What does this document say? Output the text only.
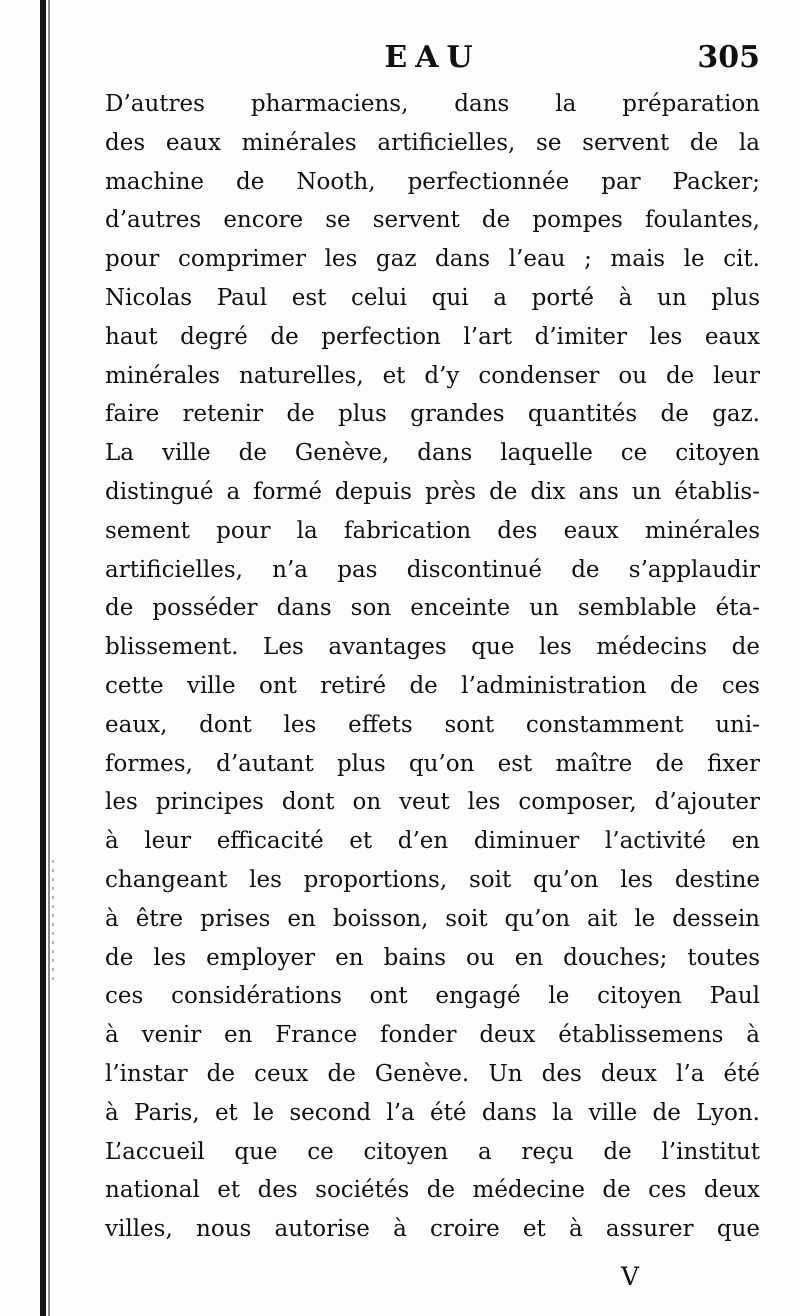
EAU	305
D’autres pharmaciens, dans la préparation
des eaux minérales artificielles, se servent de la
machine de Nooth, perfectionnée par Packer;
d’autres encore se servent de pompes foulantes,
pour comprimer les gaz dans l’eau ; mais le cit.
Nicolas Paul est celui qui a porté à un plus
haut degré de perfection l’art d’imiter les eaux
minérales naturelles, et d’y condenser ou de leur
faire retenir de plus grandes quantités de gaz.
La ville de Genève, dans laquelle ce citoyen
distingué a formé depuis près de dix ans un établis-
sement pour la fabrication des eaux minérales
artificielles, n’a pas discontinué de s’applaudir
de posséder dans son enceinte un semblable éta-
blissement. Les avantages que les médecins de
cette ville ont retiré de l’administration de ces
eaux, dont les effets sont constamment uni-
formes, d’autant plus qu’on est maître de fixer
les principes dont on veut les composer, d’ajouter
à leur efficacité et d’en diminuer l’activité en
changeant les proportions, soit qu’on les destine
à être prises en boisson, soit qu’on ait le dessein
de les employer en bains ou en douches; toutes
ces considérations ont engagé le citoyen Paul
à venir en France fonder deux établissemens à
l’instar de ceux de Genève. Un des deux l’a été
à Paris, et le second l’a été dans la ville de Lyon.
L’accueil que ce citoyen a reçu de l’institut
national et des sociétés de médecine de ces deux
villes, nous autorise à croire et à assurer que
V
